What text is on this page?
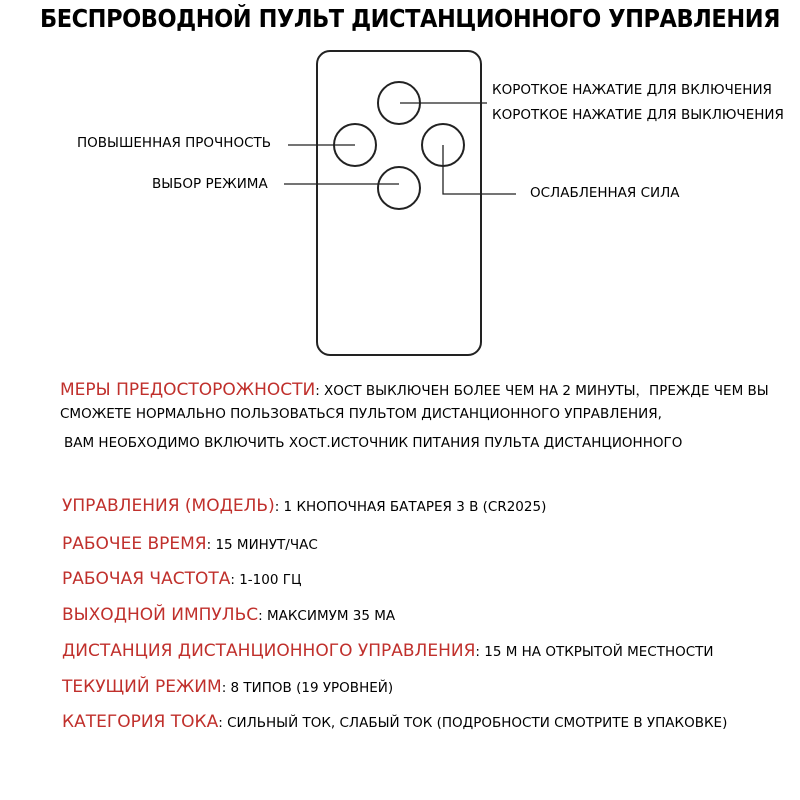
БЕСПРОВОДНОЙ ПУЛЬТ ДИСТАНЦИОННОГО УПРАВЛЕНИЯ
КОРОТКОЕ НАЖАТИЕ ДЛЯ ВКЛЮЧЕНИЯ
КОРОТКОЕ НАЖАТИЕ ДЛЯ ВЫКЛЮЧЕНИЯ
ПОВЫШЕННАЯ ПРОЧНОСТЬ
ВЫБОР РЕЖИМА
ОСЛАБЛЕННАЯ СИЛА
МЕРЫ ПРЕДОСТОРОЖНОСТИ: ХОСТ ВЫКЛЮЧЕН БОЛЕЕ ЧЕМ НА 2 МИНУТЫ，ПРЕЖДЕ ЧЕМ ВЫ
СМОЖЕТЕ НОРМАЛЬНО ПОЛЬЗОВАТЬСЯ ПУЛЬТОМ ДИСТАНЦИОННОГО УПРАВЛЕНИЯ,
ВАМ НЕОБХОДИМО ВКЛЮЧИТЬ ХОСТ.ИСТОЧНИК ПИТАНИЯ ПУЛЬТА ДИСТАНЦИОННОГО
УПРАВЛЕНИЯ (МОДЕЛЬ): 1 КНОПОЧНАЯ БАТАРЕЯ 3 В (CR2025)
РАБОЧЕЕ ВРЕМЯ: 15 МИНУТ/ЧАС
РАБОЧАЯ ЧАСТОТА: 1-100 ГЦ
ВЫХОДНОЙ ИМПУЛЬС: МАКСИМУМ 35 МА
ДИСТАНЦИЯ ДИСТАНЦИОННОГО УПРАВЛЕНИЯ: 15 М НА ОТКРЫТОЙ МЕСТНОСТИ
ТЕКУЩИЙ РЕЖИМ: 8 ТИПОВ (19 УРОВНЕЙ)
КАТЕГОРИЯ ТОКА: СИЛЬНЫЙ ТОК, СЛАБЫЙ ТОК (ПОДРОБНОСТИ СМОТРИТЕ В УПАКОВКЕ)
